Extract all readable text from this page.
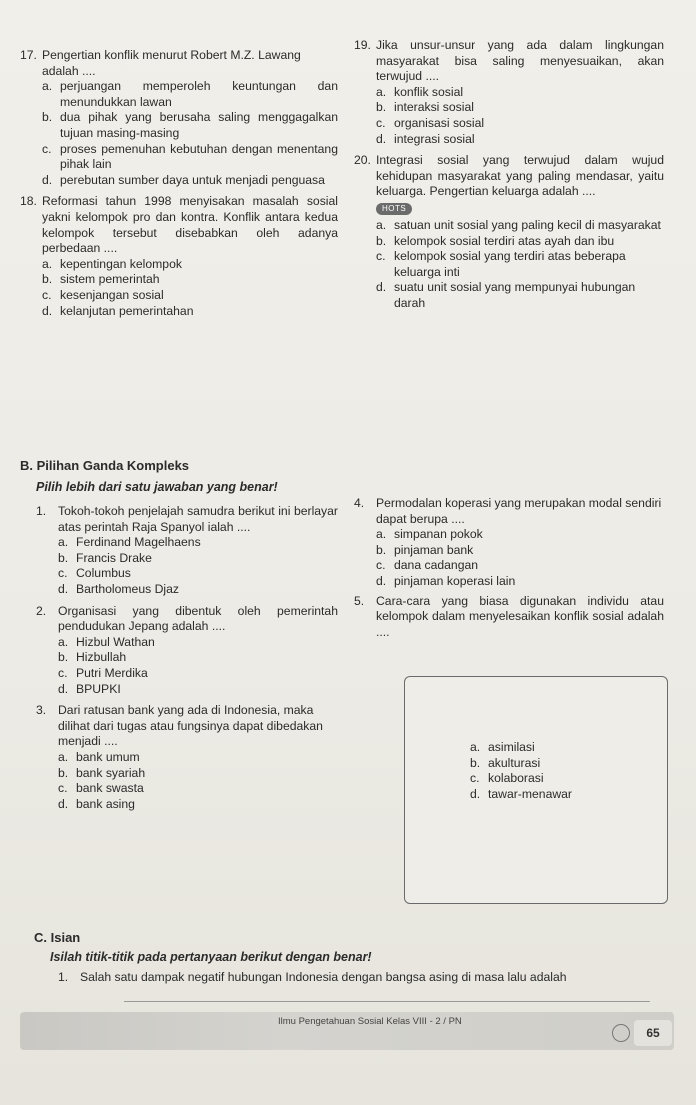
17. Pengertian konflik menurut Robert M.Z. Lawang adalah ....
a. perjuangan memperoleh keuntungan dan menundukkan lawan
b. dua pihak yang berusaha saling menggagalkan tujuan masing-masing
c. proses pemenuhan kebutuhan dengan menentang pihak lain
d. perebutan sumber daya untuk menjadi penguasa
18. Reformasi tahun 1998 menyisakan masalah sosial yakni kelompok pro dan kontra. Konflik antara kedua kelompok tersebut disebabkan oleh adanya perbedaan ....
a. kepentingan kelompok
b. sistem pemerintah
c. kesenjangan sosial
d. kelanjutan pemerintahan
19. Jika unsur-unsur yang ada dalam lingkungan masyarakat bisa saling menyesuaikan, akan terwujud ....
a. konflik sosial
b. interaksi sosial
c. organisasi sosial
d. integrasi sosial
20. Integrasi sosial yang terwujud dalam wujud kehidupan masyarakat yang paling mendasar, yaitu keluarga. Pengertian keluarga adalah ....
HOTS
a. satuan unit sosial yang paling kecil di masyarakat
b. kelompok sosial terdiri atas ayah dan ibu
c. kelompok sosial yang terdiri atas beberapa keluarga inti
d. suatu unit sosial yang mempunyai hubungan darah
B. Pilihan Ganda Kompleks
Pilih lebih dari satu jawaban yang benar!
1. Tokoh-tokoh penjelajah samudra berikut ini berlayar atas perintah Raja Spanyol ialah ....
a. Ferdinand Magelhaens
b. Francis Drake
c. Columbus
d. Bartholomeus Djaz
2. Organisasi yang dibentuk oleh pemerintah pendudukan Jepang adalah ....
a. Hizbul Wathan
b. Hizbullah
c. Putri Merdika
d. BPUPKI
3. Dari ratusan bank yang ada di Indonesia, maka dilihat dari tugas atau fungsinya dapat dibedakan menjadi ....
a. bank umum
b. bank syariah
c. bank swasta
d. bank asing
4. Permodalan koperasi yang merupakan modal sendiri dapat berupa ....
a. simpanan pokok
b. pinjaman bank
c. dana cadangan
d. pinjaman koperasi lain
5. Cara-cara yang biasa digunakan individu atau kelompok dalam menyelesaikan konflik sosial adalah ....
a. asimilasi
b. akulturasi
c. kolaborasi
d. tawar-menawar
C. Isian
Isilah titik-titik pada pertanyaan berikut dengan benar!
1. Salah satu dampak negatif hubungan Indonesia dengan bangsa asing di masa lalu adalah
Ilmu Pengetahuan Sosial Kelas VIII - 2 / PN
65
